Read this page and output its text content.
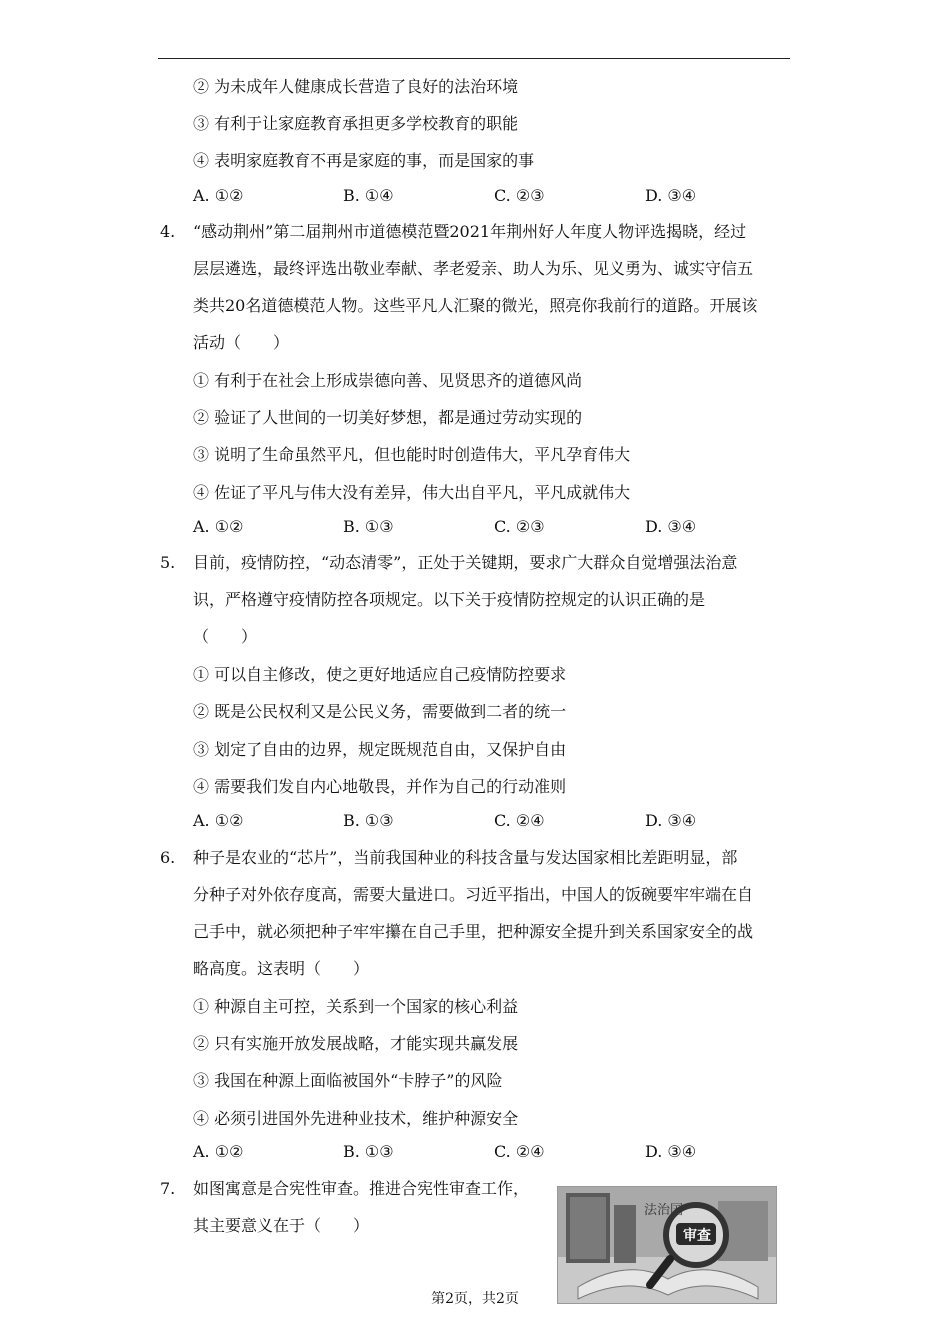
② 为未成年人健康成长营造了良好的法治环境
③ 有利于让家庭教育承担更多学校教育的职能
④ 表明家庭教育不再是家庭的事，而是国家的事
A. ①②	B. ①④	C. ②③	D. ③④
4. “感动荆州”第二届荆州市道德模范暨2021年荆州好人年度人物评选揭晓，经过
层层遴选，最终评选出敬业奉献、孝老爱亲、助人为乐、见义勇为、诚实守信五
类共20名道德模范人物。这些平凡人汇聚的微光，照亮你我前行的道路。开展该
活动（　　）
① 有利于在社会上形成崇德向善、见贤思齐的道德风尚
② 验证了人世间的一切美好梦想，都是通过劳动实现的
③ 说明了生命虽然平凡，但也能时时创造伟大，平凡孕育伟大
④ 佐证了平凡与伟大没有差异，伟大出自平凡，平凡成就伟大
A. ①②	B. ①③	C. ②③	D. ③④
5. 目前，疫情防控，“动态清零”，正处于关键期，要求广大群众自觉增强法治意
识，严格遵守疫情防控各项规定。以下关于疫情防控规定的认识正确的是
（　　）
① 可以自主修改，使之更好地适应自己疫情防控要求
② 既是公民权利又是公民义务，需要做到二者的统一
③ 划定了自由的边界，规定既规范自由，又保护自由
④ 需要我们发自内心地敬畏，并作为自己的行动准则
A. ①②	B. ①③	C. ②④	D. ③④
6. 种子是农业的“芯片”，当前我国种业的科技含量与发达国家相比差距明显，部
分种子对外依存度高，需要大量进口。习近平指出，中国人的饭碗要牢牢端在自
己手中，就必须把种子牢牢攥在自己手里，把种源安全提升到关系国家安全的战
略高度。这表明（　　）
① 种源自主可控，关系到一个国家的核心利益
② 只有实施开放发展战略，才能实现共赢发展
③ 我国在种源上面临被国外“卡脖子”的风险
④ 必须引进国外先进种业技术，维护种源安全
A. ①②	B. ①③	C. ②④	D. ③④
7. 如图寓意是合宪性审查。推进合宪性审查工作，
其主要意义在于（　　）
法治国
审查
第2页，共2页
